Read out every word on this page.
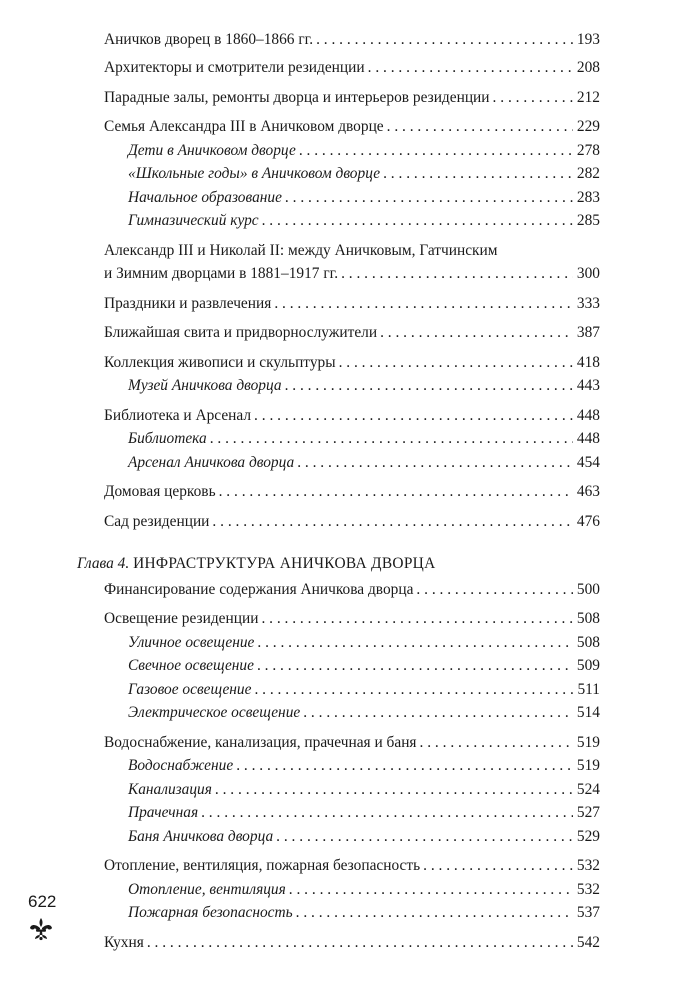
Аничков дворец в 1860–1866 гг. . . .	193
Архитекторы и смотрители резиденции . . .	208
Парадные залы, ремонты дворца и интерьеров резиденции . . .	212
Семья Александра III в Аничковом дворце . . .	229
Дети в Аничковом дворце . . .	278
«Школьные годы» в Аничковом дворце . . .	282
Начальное образование . . .	283
Гимназический курс . . .	285
Александр III и Николай II: между Аничковым, Гатчинским
и Зимним дворцами в 1881–1917 гг. . . .	300
Праздники и развлечения . . .	333
Ближайшая свита и придворнослужители . . .	387
Коллекция живописи и скульптуры . . .	418
Музей Аничкова дворца . . .	443
Библиотека и Арсенал . . .	448
Библиотека . . .	448
Арсенал Аничкова дворца . . .	454
Домовая церковь . . .	463
Сад резиденции . . .	476
Глава 4. ИНФРАСТРУКТУРА АНИЧКОВА ДВОРЦА
Финансирование содержания Аничкова дворца . . .	500
Освещение резиденции . . .	508
Уличное освещение . . .	508
Свечное освещение . . .	509
Газовое освещение . . .	511
Электрическое освещение . . .	514
Водоснабжение, канализация, прачечная и баня . . .	519
Водоснабжение . . .	519
Канализация . . .	524
Прачечная . . .	527
Баня Аничкова дворца . . .	529
Отопление, вентиляция, пожарная безопасность . . .	532
Отопление, вентиляция . . .	532
Пожарная безопасность . . .	537
Кухня . . .	542
622
